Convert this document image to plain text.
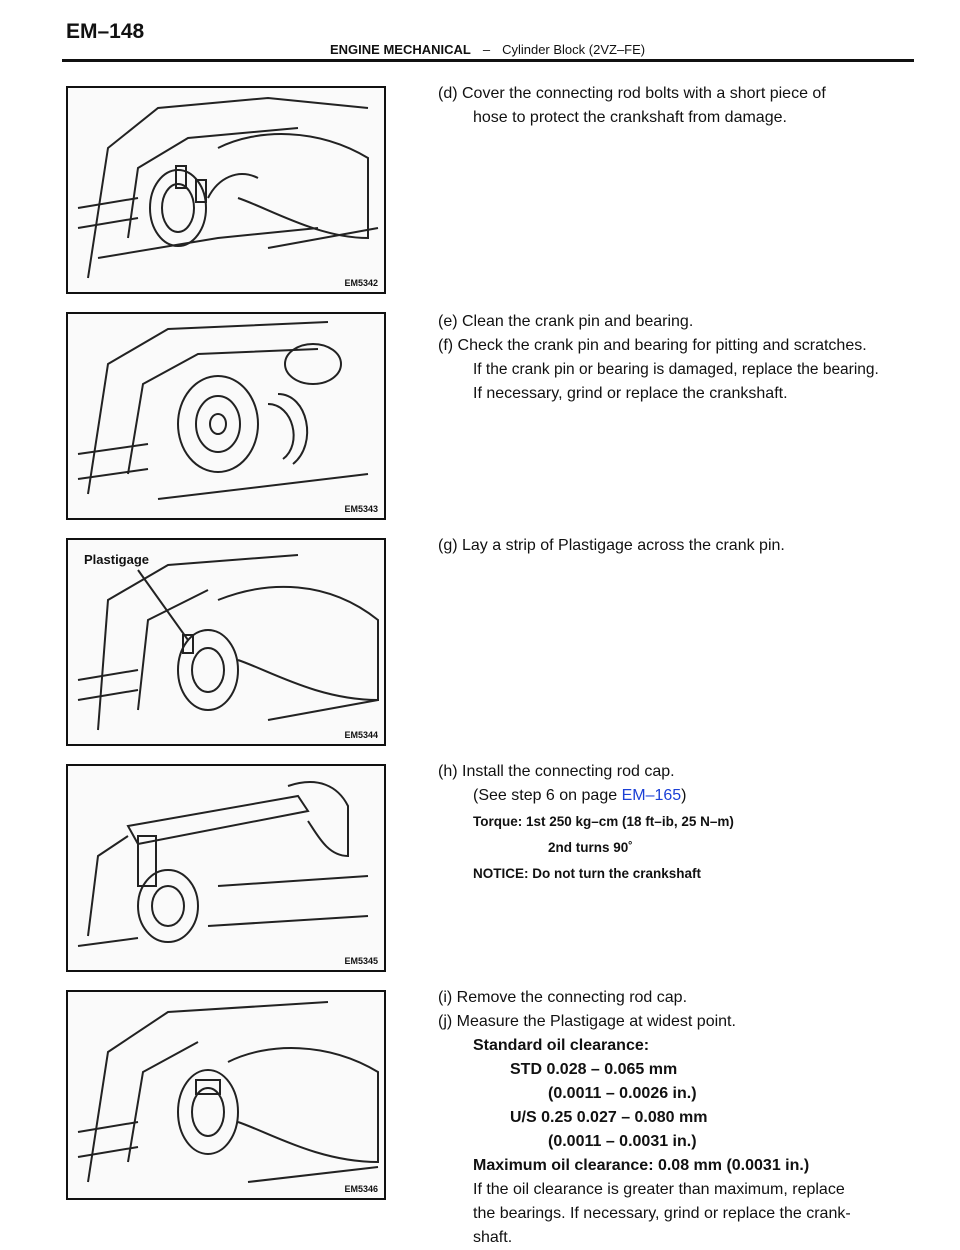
EM–148
ENGINE MECHANICAL – Cylinder Block (2VZ–FE)
EM5342
EM5343
Plastigage
EM5344
EM5345
EM5346

(d) Cover the connecting rod bolts with a short piece of

hose to protect the crankshaft from damage.

(e) Clean the crank pin and bearing.

(f) Check the crank pin and bearing for pitting and scratches.

If the crank pin or bearing is damaged, replace the bearing.

If necessary, grind or replace the crankshaft.

(g) Lay a strip of Plastigage across the crank pin.

(h) Install the connecting rod cap.

(See step 6 on page EM–165)

Torque: 1st 250 kg–cm (18 ft–ib, 25 N–m)

2nd turns 90˚

NOTICE: Do not turn the crankshaft

(i) Remove the connecting rod cap.

(j) Measure the Plastigage at widest point.

Standard oil clearance:

STD 0.028 – 0.065 mm

(0.0011 – 0.0026 in.)

U/S 0.25 0.027 – 0.080 mm

(0.0011 – 0.0031 in.)

Maximum oil clearance: 0.08 mm (0.0031 in.)

If the oil clearance is greater than maximum, replace

the bearings. If necessary, grind or replace the crank-

shaft.
